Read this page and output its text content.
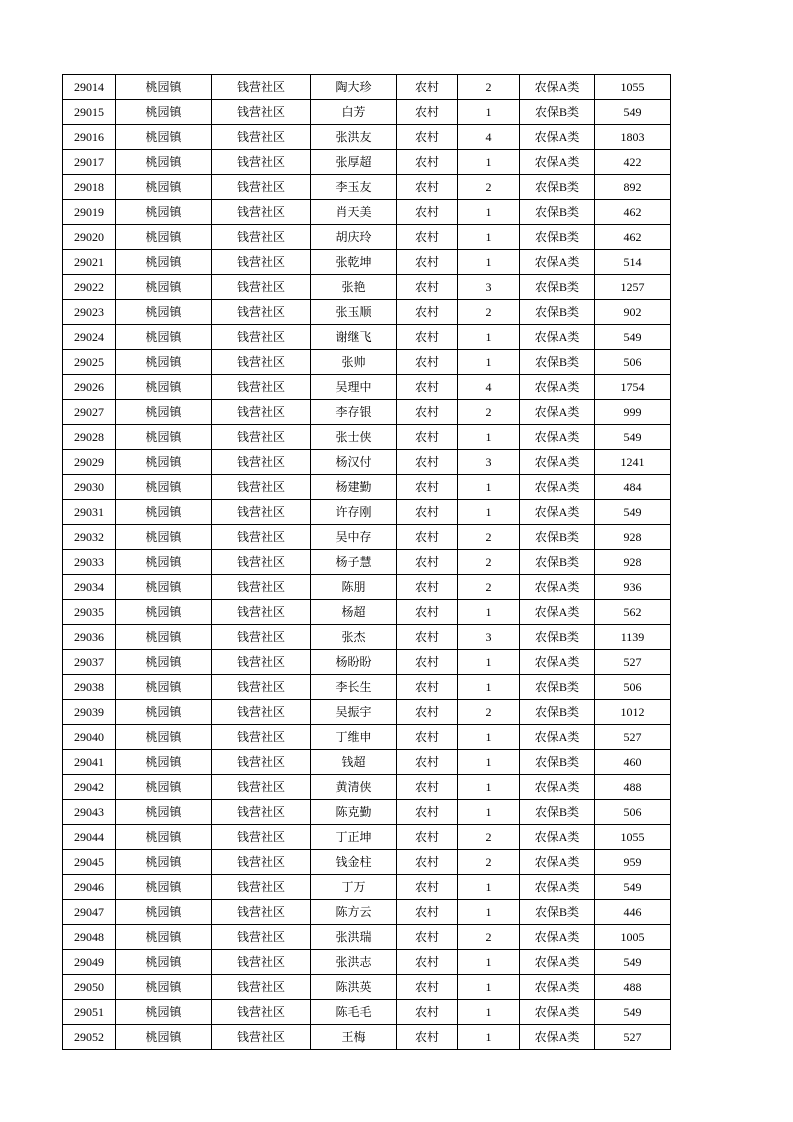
29014	桃园镇	钱营社区	陶大珍	农村	2	农保A类	1055
29015	桃园镇	钱营社区	白芳	农村	1	农保B类	549
29016	桃园镇	钱营社区	张洪友	农村	4	农保A类	1803
29017	桃园镇	钱营社区	张厚超	农村	1	农保A类	422
29018	桃园镇	钱营社区	李玉友	农村	2	农保B类	892
29019	桃园镇	钱营社区	肖天美	农村	1	农保B类	462
29020	桃园镇	钱营社区	胡庆玲	农村	1	农保B类	462
29021	桃园镇	钱营社区	张乾坤	农村	1	农保A类	514
29022	桃园镇	钱营社区	张艳	农村	3	农保B类	1257
29023	桃园镇	钱营社区	张玉顺	农村	2	农保B类	902
29024	桃园镇	钱营社区	谢继飞	农村	1	农保A类	549
29025	桃园镇	钱营社区	张帅	农村	1	农保B类	506
29026	桃园镇	钱营社区	吴理中	农村	4	农保A类	1754
29027	桃园镇	钱营社区	李存银	农村	2	农保A类	999
29028	桃园镇	钱营社区	张士侠	农村	1	农保A类	549
29029	桃园镇	钱营社区	杨汉付	农村	3	农保A类	1241
29030	桃园镇	钱营社区	杨建勤	农村	1	农保A类	484
29031	桃园镇	钱营社区	许存刚	农村	1	农保A类	549
29032	桃园镇	钱营社区	吴中存	农村	2	农保B类	928
29033	桃园镇	钱营社区	杨子慧	农村	2	农保B类	928
29034	桃园镇	钱营社区	陈朋	农村	2	农保A类	936
29035	桃园镇	钱营社区	杨超	农村	1	农保A类	562
29036	桃园镇	钱营社区	张杰	农村	3	农保B类	1139
29037	桃园镇	钱营社区	杨盼盼	农村	1	农保A类	527
29038	桃园镇	钱营社区	李长生	农村	1	农保B类	506
29039	桃园镇	钱营社区	吴振宇	农村	2	农保B类	1012
29040	桃园镇	钱营社区	丁维申	农村	1	农保A类	527
29041	桃园镇	钱营社区	钱超	农村	1	农保B类	460
29042	桃园镇	钱营社区	黄清侠	农村	1	农保A类	488
29043	桃园镇	钱营社区	陈克勤	农村	1	农保B类	506
29044	桃园镇	钱营社区	丁正坤	农村	2	农保A类	1055
29045	桃园镇	钱营社区	钱金柱	农村	2	农保A类	959
29046	桃园镇	钱营社区	丁万	农村	1	农保A类	549
29047	桃园镇	钱营社区	陈方云	农村	1	农保B类	446
29048	桃园镇	钱营社区	张洪瑞	农村	2	农保A类	1005
29049	桃园镇	钱营社区	张洪志	农村	1	农保A类	549
29050	桃园镇	钱营社区	陈洪英	农村	1	农保A类	488
29051	桃园镇	钱营社区	陈毛毛	农村	1	农保A类	549
29052	桃园镇	钱营社区	王梅	农村	1	农保A类	527
